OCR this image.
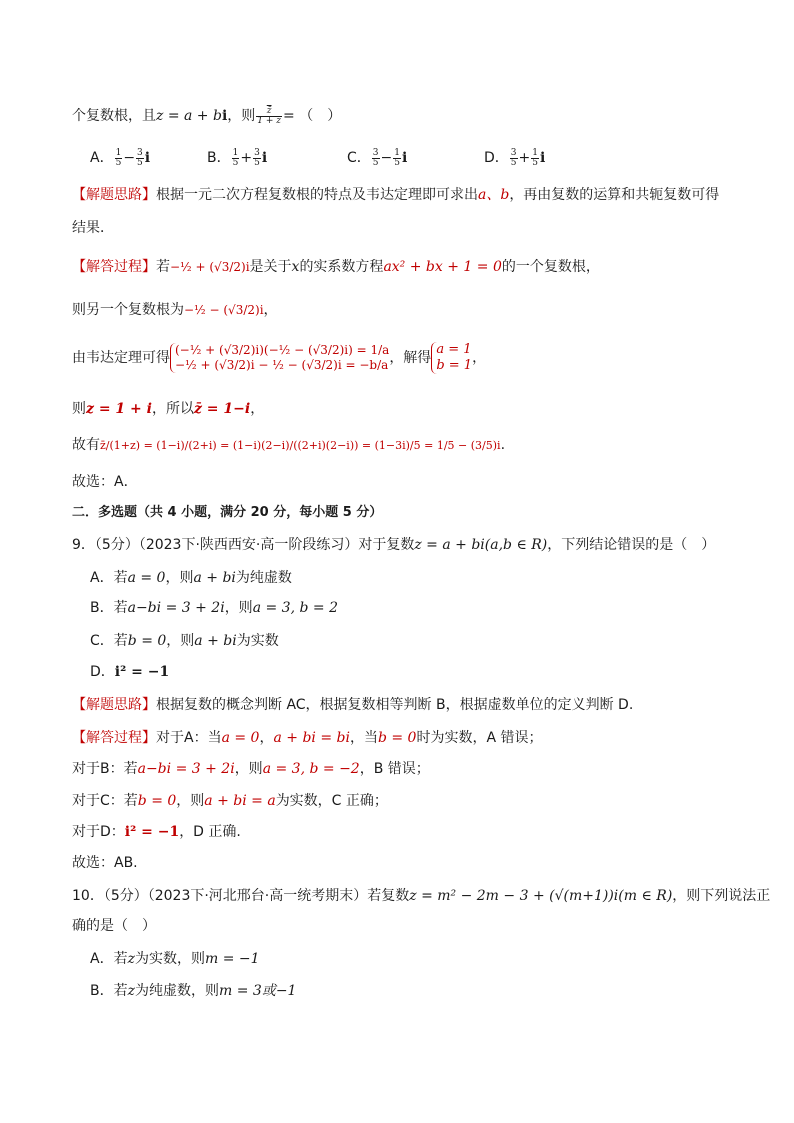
个复数根，且z = a + bi，则 $\frac{z̄}{1 + z}$ = （　）
A． $\frac{1}{5} - \frac{3}{5}$ i	B． $\frac{1}{5} + \frac{3}{5}$ i	C． $\frac{3}{5} - \frac{1}{5}$ i	D． $\frac{3}{5} + \frac{1}{5}$ i
【解题思路】根据一元二次方程复数根的特点及韦达定理即可求出a、b，再由复数的运算和共轭复数可得
结果．
【解答过程】若−½ + (√3/2)i是关于x的实系数方程ax² + bx + 1 = 0的一个复数根，
则另一个复数根为−½ − (√3/2)i，
由韦达定理可得 (−½ + (√3/2)i)(−½ − (√3/2)i) = 1/a
−½ + (√3/2)i − ½ − (√3/2)i = −b/a ，解得
a = 1
b = 1 ，
则z = 1 + i，所以z̄ = 1−i，
故有z̄/(1+z) = (1−i)/(2+i) = (1−i)(2−i)/((2+i)(2−i)) = (1−3i)/5 = 1/5 − (3/5)i.
故选：A．
二．多选题（共 4 小题，满分 20 分，每小题 5 分）
9．（5分）（2023下·陕西西安·高一阶段练习）对于复数z = a + bi(a,b ∈ R)，下列结论错误的是（　）
A．若a = 0，则a + bi为纯虚数
B．若a−bi = 3 + 2i，则a = 3, b = 2
C．若b = 0，则a + bi为实数
D．i² = −1
【解题思路】根据复数的概念判断 AC，根据复数相等判断 B，根据虚数单位的定义判断 D.
【解答过程】对于A：当a = 0，a + bi = bi，当b = 0时为实数，A 错误；
对于B：若a−bi = 3 + 2i，则a = 3, b = −2，B 错误；
对于C：若b = 0，则a + bi = a为实数，C 正确；
对于D：i² = −1，D 正确.
故选：AB.
10．（5分）（2023下·河北邢台·高一统考期末）若复数z = m² − 2m − 3 + (√(m+1))i(m ∈ R)，则下列说法正
确的是（　）
A．若z为实数，则m = −1
B．若z为纯虚数，则m = 3或−1
